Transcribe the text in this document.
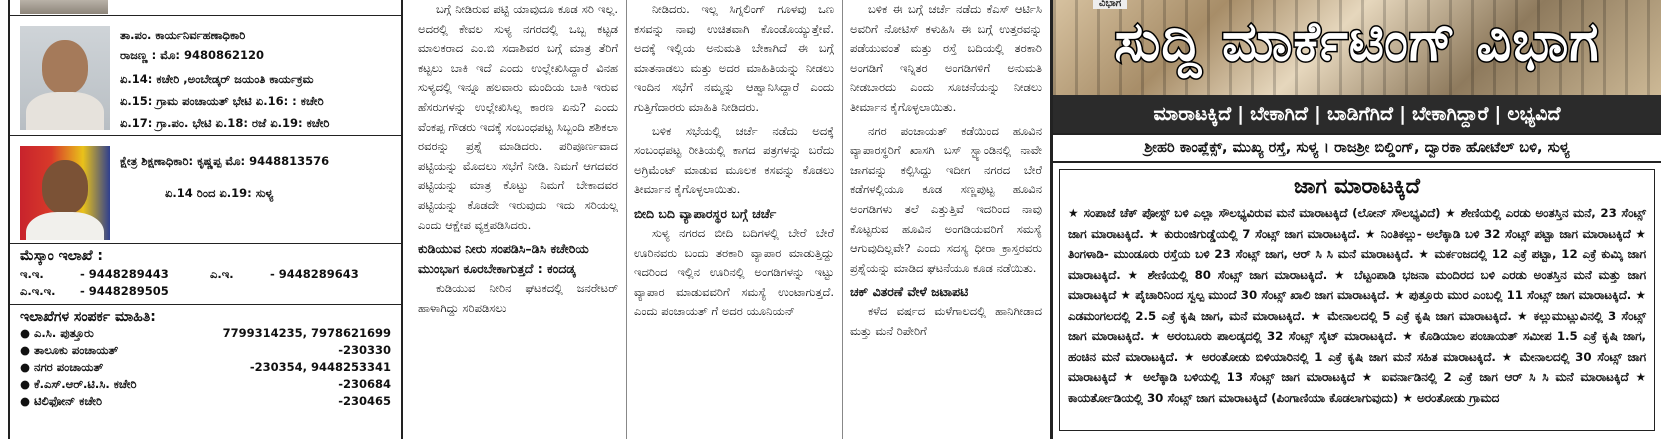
ತಾ.ಪಂ. ಕಾರ್ಯನಿರ್ವಹಣಾಧಿಕಾರಿ
ರಾಜಣ್ಣ : ಮೊ: 9480862120
ಏ.14: ಕಚೇರಿ ,ಅಂಬೇಡ್ಕರ್ ಜಯಂತಿ ಕಾರ್ಯಕ್ರಮ
ಏ.15: ಗ್ರಾಮ ಪಂಚಾಯತ್ ಭೇಟಿ ಏ.16: : ಕಚೇರಿ
ಏ.17: ಗ್ರಾ.ಪಂ. ಭೇಟಿ ಏ.18: ರಜೆ ಏ.19: ಕಚೇರಿ
ಕ್ಷೇತ್ರ ಶಿಕ್ಷಣಾಧಿಕಾರಿ: ಕೃಷ್ಣಪ್ಪ ಮೊ: 9448813576
ಏ.14 ರಿಂದ ಏ.19: ಸುಳ್ಯ
ಮೆಸ್ಕಾಂ ಇಲಾಖೆ :
ಇ.ಇ.	- 9448289443	ಎ.ಇ.	- 9448289643
ಎ.ಇ.ಇ.	- 9448289505
ಇಲಾಖೆಗಳ ಸಂಪರ್ಕ ಮಾಹಿತಿ:
● ಎ.ಸಿ. ಪುತ್ತೂರು	7799314235, 7978621699
● ತಾಲೂಕು ಪಂಚಾಯತ್	-230330
● ನಗರ ಪಂಚಾಯತ್	-230354, 9448253341
● ಕೆ.ಎಸ್.ಆರ್.ಟಿ.ಸಿ. ಕಚೇರಿ	-230684
● ಟಿಲಿಫೋನ್ ಕಚೇರಿ	-230465

ಬಗ್ಗೆ ನೀಡಿರುವ ಪಟ್ಟಿ ಯಾವುದೂ ಕೂಡ ಸರಿ ಇಲ್ಲ. ಅದರಲ್ಲಿ ಕೇವಲ ಸುಳ್ಯ ನಗರದಲ್ಲಿ ಒಬ್ಬ ಕಟ್ಟಡ ಮಾಲಕರಾದ ಎಂ.ಬಿ ಸದಾಶಿವರ ಬಗ್ಗೆ ಮಾತ್ರ ತೆರಿಗೆ ಕಟ್ಟಲು ಬಾಕಿ ಇದೆ ಎಂದು ಉಲ್ಲೇಖಿಸಿದ್ದಾರೆ ವಿನಹ ಸುಳ್ಯದಲ್ಲಿ ಇನ್ನೂ ಹಲವಾರು ಮಂದಿಯ ಬಾಕಿ ಇರುವ ಹೆಸರುಗಳನ್ನು ಉಲ್ಲೇಖಿಸಿಲ್ಲ ಕಾರಣ ಏನು? ಎಂದು ವೆಂಕಪ್ಪ ಗೌಡರು ಇದಕ್ಕೆ ಸಂಬಂಧಪಟ್ಟ ಸಿಬ್ಬಂದಿ ಶಶಿಕಲಾ ರವರನ್ನು ಪ್ರಶ್ನೆ ಮಾಡಿದರು. ಪರಿಪೂರ್ಣವಾದ ಪಟ್ಟಿಯನ್ನು ಮೊದಲು ಸಭೆಗೆ ನೀಡಿ. ನಿಮಗೆ ಆಗದವರ ಪಟ್ಟಿಯನ್ನು ಮಾತ್ರ ಕೊಟ್ಟು ನಿಮಗೆ ಬೇಕಾದವರ ಪಟ್ಟಿಯನ್ನು ಕೊಡದೇ ಇರುವುದು ಇದು ಸರಿಯಲ್ಲ ಎಂದು ಆಕ್ಷೇಪ ವ್ಯಕ್ತಪಡಿಸಿದರು.

ಕುಡಿಯುವ ನೀರು ಸಂಪಡಿಸಿ–ಡಿಸಿ ಕಚೇರಿಯ ಮುಂಭಾಗ ಕೂರಬೇಕಾಗುತ್ತದೆ : ಕಂದಡ್ಕ

ಕುಡಿಯುವ ನೀರಿನ ಘಟಕದಲ್ಲಿ ಜನರೇಟರ್ ಹಾಳಾಗಿದ್ದು ಸರಿಪಡಿಸಲು

ನೀಡಿದರು. ಇಲ್ಲ ಸಿಗ್ನಲಿಂಗ್ ಗೂಳವು ಒಣ ಕಸವನ್ನು ನಾವು ಉಚಿತವಾಗಿ ಕೊಂಡೊಯ್ಯುತ್ತೇವೆ. ಅದಕ್ಕೆ ಇಲ್ಲಿಯ ಅನುಮತಿ ಬೇಕಾಗಿದೆ ಈ ಬಗ್ಗೆ ಮಾತನಾಡಲು ಮತ್ತು ಅದರ ಮಾಹಿತಿಯನ್ನು ನೀಡಲು ಇಂದಿನ ಸಭೆಗೆ ನಮ್ಮನ್ನು ಆಹ್ವಾನಿಸಿದ್ದಾರೆ ಎಂದು ಗುತ್ತಿಗೆದಾರರು ಮಾಹಿತಿ ನೀಡಿದರು.

ಬಳಿಕ ಸಭೆಯಲ್ಲಿ ಚರ್ಚೆ ನಡೆದು ಅದಕ್ಕೆ ಸಂಬಂಧಪಟ್ಟ ರೀತಿಯಲ್ಲಿ ಕಾಗದ ಪತ್ರಗಳನ್ನು ಬರೆದು ಅಗ್ರಿಮೆಂಟ್ ಮಾಡುವ ಮೂಲಕ ಕಸವನ್ನು ಕೊಡಲು ತೀರ್ಮಾನ ಕೈಗೊಳ್ಳಲಾಯಿತು.

ಬೀದಿ ಬದಿ ವ್ಯಾಪಾರಸ್ಥರ ಬಗ್ಗೆ ಚರ್ಚೆ

ಸುಳ್ಯ ನಗರದ ಬೀದಿ ಬದಿಗಳಲ್ಲಿ ಬೇರೆ ಬೇರೆ ಊರಿನವರು ಬಂದು ತರಕಾರಿ ವ್ಯಾಪಾರ ಮಾಡುತ್ತಿದ್ದು ಇದರಿಂದ ಇಲ್ಲಿನ ಊರಿನಲ್ಲಿ ಅಂಗಡಿಗಳನ್ನು ಇಟ್ಟು ವ್ಯಾಪಾರ ಮಾಡುವವರಿಗೆ ಸಮಸ್ಯೆ ಉಂಟಾಗುತ್ತದೆ. ಎಂದು ಪಂಚಾಯತ್ ಗೆ ಅದರ ಯೂನಿಯನ್

ಬಳಿಕ ಈ ಬಗ್ಗೆ ಚರ್ಚೆ ನಡೆದು ಕೆಎಸ್ ಆರ್ಟಿಸಿ ಅವರಿಗೆ ನೋಟಿಸ್ ಕಳುಹಿಸಿ ಈ ಬಗ್ಗೆ ಉತ್ತರವನ್ನು ಪಡೆಯುವಂತೆ ಮತ್ತು ರಸ್ತೆ ಬದಿಯಲ್ಲಿ ತರಕಾರಿ ಅಂಗಡಿಗೆ ಇನ್ನಿತರ ಅಂಗಡಿಗಳಿಗೆ ಅನುಮತಿ ನೀಡಬಾರದು ಎಂದು ಸೂಚನೆಯನ್ನು ನೀಡಲು ತೀರ್ಮಾನ ಕೈಗೊಳ್ಳಲಾಯಿತು.

ನಗರ ಪಂಚಾಯತ್ ಕಡೆಯಿಂದ ಹೂವಿನ ವ್ಯಾಪಾರಸ್ಥರಿಗೆ ಖಾಸಗಿ ಬಸ್ ಸ್ಟ್ಯಾಂಡಿನಲ್ಲಿ ನಾವೇ ಜಾಗವನ್ನು ಕಲ್ಪಿಸಿದ್ದು ಇದೀಗ ನಗರದ ಬೇರೆ ಕಡೆಗಳಲ್ಲಿಯೂ ಕೂಡ ಸಣ್ಣಪುಟ್ಟ ಹೂವಿನ ಅಂಗಡಿಗಳು ತಲೆ ಎತ್ತುತ್ತಿವೆ ಇದರಿಂದ ನಾವು ಕೊಟ್ಟರುವ ಹೂವಿನ ಅಂಗಡಿಯವರಿಗೆ ಸಮಸ್ಯೆ ಆಗುವುದಿಲ್ಲವೇ? ಎಂದು ಸದಸ್ಯ ಧೀರಾ ಕ್ರಾಸ್ತರವರು ಪ್ರಶ್ನೆಯನ್ನು ಮಾಡಿದ ಘಟನೆಯೂ ಕೂಡ ನಡೆಯಿತು.

ಚಕ್ ವಿತರಣೆ ವೇಳೆ ಜಟಾಪಟಿ

ಕಳೆದ ವರ್ಷದ ಮಳೆಗಾಲದಲ್ಲಿ ಹಾನಿಗೀಡಾದ ಮತ್ತು ಮನೆ ರಿಪೇರಿಗೆ

ವಿಭಾಗ
ಸುದ್ದಿ ಮಾರ್ಕೆಟಿಂಗ್ ವಿಭಾಗ
ಮಾರಾಟಕ್ಕಿದೆ | ಬೇಕಾಗಿದೆ | ಬಾಡಿಗೆಗಿದೆ | ಬೇಕಾಗಿದ್ದಾರೆ | ಲಭ್ಯವಿದೆ
ಶ್ರೀಹರಿ ಕಾಂಪ್ಲೆಕ್ಸ್, ಮುಖ್ಯ ರಸ್ತೆ, ಸುಳ್ಯ । ರಾಜಶ್ರೀ ಬಿಲ್ಡಿಂಗ್, ದ್ವಾರಕಾ ಹೋಟೆಲ್ ಬಳಿ, ಸುಳ್ಯ
ಜಾಗ ಮಾರಾಟಕ್ಕಿದೆ
★ ಸಂಪಾಜೆ ಚೆಕ್ ಪೋಸ್ಟ್ ಬಳಿ ಎಲ್ಲಾ ಸೌಲಭ್ಯವಿರುವ ಮನೆ ಮಾರಾಟಕ್ಕಿದೆ (ಲೋನ್ ಸೌಲಭ್ಯವಿದೆ) ★ ಶೇಣಿಯಲ್ಲಿ ಎರಡು ಅಂತಸ್ತಿನ ಮನೆ, 23 ಸೆಂಟ್ಸ್ ಜಾಗ ಮಾರಾಟಕ್ಕಿದೆ. ★ ಕುರುಂಜಿಗುಡ್ಡೆಯಲ್ಲಿ 7 ಸೆಂಟ್ಸ್ ಜಾಗ ಮಾರಾಟಕ್ಕಿದೆ. ★ ನಿಂತಿಕಲ್ಲು- ಅಲೆಕ್ಕಾಡಿ ಬಳಿ 32 ಸೆಂಟ್ಸ್ ಪಟ್ಟಾ ಜಾಗ ಮಾರಾಟಕ್ಕಿದೆ ★ ತಿಂಗಳಾಡಿ- ಮುಂಡೂರು ರಸ್ತೆಯ ಬಳಿ 23 ಸೆಂಟ್ಸ್ ಜಾಗ, ಆರ್ ಸಿ ಸಿ ಮನೆ ಮಾರಾಟಕ್ಕಿದೆ. ★ ಮರ್ಕಂಜದಲ್ಲಿ 12 ಎಕ್ರೆ ಪಟ್ಟಾ, 12 ಎಕ್ರೆ ಕುಮ್ಕಿ ಜಾಗ ಮಾರಾಟಕ್ಕಿದೆ. ★ ಶೇಣಿಯಲ್ಲಿ 80 ಸೆಂಟ್ಸ್ ಜಾಗ ಮಾರಾಟಕ್ಕಿದೆ. ★ ಬೆಟ್ಟಂಪಾಡಿ ಭಜನಾ ಮಂದಿರದ ಬಳಿ ಎರಡು ಅಂತಸ್ತಿನ ಮನೆ ಮತ್ತು ಜಾಗ ಮಾರಾಟಕ್ಕಿದೆ ★ ಪೈಚಾರಿನಿಂದ ಸ್ವಲ್ಪ ಮುಂದೆ 30 ಸೆಂಟ್ಸ್ ಖಾಲಿ ಜಾಗ ಮಾರಾಟಕ್ಕಿದೆ. ★ ಪುತ್ತೂರು ಮುರ ಎಂಬಲ್ಲಿ 11 ಸೆಂಟ್ಸ್ ಜಾಗ ಮಾರಾಟಕ್ಕಿದೆ. ★ ಎಡಮಂಗಲದಲ್ಲಿ 2.5 ಎಕ್ರೆ ಕೃಷಿ ಜಾಗ, ಮನೆ ಮಾರಾಟಕ್ಕಿದೆ. ★ ಮೇನಾಲದಲ್ಲಿ 5 ಎಕ್ರೆ ಕೃಷಿ ಜಾಗ ಮಾರಾಟಕ್ಕಿದೆ. ★ ಕಲ್ಲುಮುಟ್ಲುವಿನಲ್ಲಿ 3 ಸೆಂಟ್ಸ್ ಜಾಗ ಮಾರಾಟಕ್ಕಿದೆ. ★ ಅರಂಬೂರು ಪಾಲಡ್ಕದಲ್ಲಿ 32 ಸೆಂಟ್ಸ್ ಸೈಟ್ ಮಾರಾಟಕ್ಕಿದೆ. ★ ಕೊಡಿಯಾಲ ಪಂಚಾಯತ್ ಸಮೀಪ 1.5 ಎಕ್ರೆ ಕೃಷಿ ಜಾಗ, ಹಂಚಿನ ಮನೆ ಮಾರಾಟಕ್ಕಿದೆ. ★ ಅರಂತೋಡು ಬಿಳಿಯಾರಿನಲ್ಲಿ 1 ಎಕ್ರೆ ಕೃಷಿ ಜಾಗ ಮನೆ ಸಹಿತ ಮಾರಾಟಕ್ಕಿದೆ. ★ ಮೇನಾಲದಲ್ಲಿ 30 ಸೆಂಟ್ಸ್ ಜಾಗ ಮಾರಾಟಕ್ಕಿದೆ ★ ಅಲೆಕ್ಕಾಡಿ ಬಳಿಯಲ್ಲಿ 13 ಸೆಂಟ್ಸ್ ಜಾಗ ಮಾರಾಟಕ್ಕಿದೆ ★ ಐವರ್ನಾಡಿನಲ್ಲಿ 2 ಎಕ್ರೆ ಜಾಗ ಆರ್ ಸಿ ಸಿ ಮನೆ ಮಾರಾಟಕ್ಕಿದೆ ★ ಕಾಯರ್ತೋಡಿಯಲ್ಲಿ 30 ಸೆಂಟ್ಸ್ ಜಾಗ ಮಾರಾಟಕ್ಕಿದೆ (ಪಿಂಗಾಣಿಯಾ ಕೊಡಲಾಗುವುದು) ★ ಅರಂತೋಡು ಗ್ರಾಮದ
